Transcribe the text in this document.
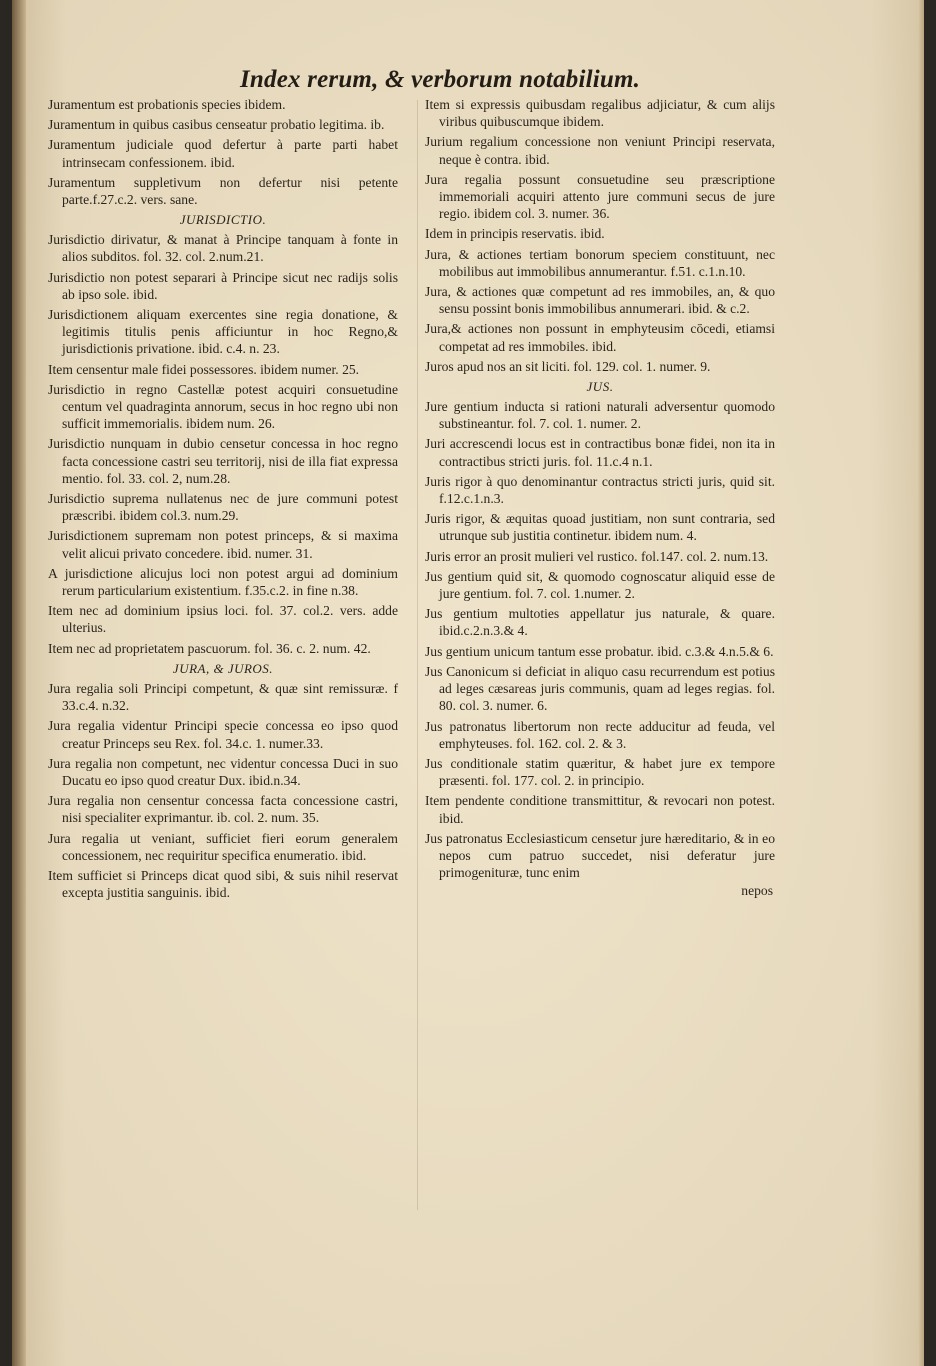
Index rerum, & verborum notabilium.
Juramentum est probationis species ibidem.
Juramentum in quibus casibus censeatur probatio legitima. ib.
Juramentum judiciale quod defertur à parte parti habet intrinsecam confessionem. ibid.
Juramentum suppletivum non defertur nisi petente parte.f.27.c.2. vers. sane.
JURISDICTIO.
Jurisdictio dirivatur, & manat à Principe tanquam à fonte in alios subditos. fol. 32. col. 2.num.21.
Jurisdictio non potest separari à Principe sicut nec radijs solis ab ipso sole. ibid.
Jurisdictionem aliquam exercentes sine regia donatione, & legitimis titulis penis afficiuntur in hoc Regno,& jurisdictionis privatione. ibid. c.4. n. 23.
Item censentur male fidei possessores. ibidem numer. 25.
Jurisdictio in regno Castellæ potest acquiri consuetudine centum vel quadraginta annorum, secus in hoc regno ubi non sufficit immemorialis. ibidem num. 26.
Jurisdictio nunquam in dubio censetur concessa in hoc regno facta concessione castri seu territorij, nisi de illa fiat expressa mentio. fol. 33. col. 2, num.28.
Jurisdictio suprema nullatenus nec de jure communi potest præscribi. ibidem col.3. num.29.
Jurisdictionem supremam non potest princeps, & si maxima velit alicui privato concedere. ibid. numer. 31.
A jurisdictione alicujus loci non potest argui ad dominium rerum particularium existentium. f.35.c.2. in fine n.38.
Item nec ad dominium ipsius loci. fol. 37. col.2. vers. adde ulterius.
Item nec ad proprietatem pascuorum. fol. 36. c. 2. num. 42.
JURA, & JUROS.
Jura regalia soli Principi competunt, & quæ sint remissuræ. f 33.c.4. n.32.
Jura regalia videntur Principi specie concessa eo ipso quod creatur Princeps seu Rex. fol. 34.c. 1. numer.33.
Jura regalia non competunt, nec videntur concessa Duci in suo Ducatu eo ipso quod creatur Dux. ibid.n.34.
Jura regalia non censentur concessa facta concessione castri, nisi specialiter exprimantur. ib. col. 2. num. 35.
Jura regalia ut veniant, sufficiet fieri eorum generalem concessionem, nec requiritur specifica enumeratio. ibid.
Item sufficiet si Princeps dicat quod sibi, & suis nihil reservat excepta justitia sanguinis. ibid.
Item si expressis quibusdam regalibus adjiciatur, & cum alijs viribus quibuscumque ibidem.
Jurium regalium concessione non veniunt Principi reservata, neque è contra. ibid.
Jura regalia possunt consuetudine seu præscriptione immemoriali acquiri attento jure communi secus de jure regio. ibidem col. 3. numer. 36.
Idem in principis reservatis. ibid.
Jura, & actiones tertiam bonorum speciem constituunt, nec mobilibus aut immobilibus annumerantur. f.51. c.1.n.10.
Jura, & actiones quæ competunt ad res immobiles, an, & quo sensu possint bonis immobilibus annumerari. ibid. & c.2.
Jura,& actiones non possunt in emphyteusim cōcedi, etiamsi competat ad res immobiles. ibid.
Juros apud nos an sit liciti. fol. 129. col. 1. numer. 9.
JUS.
Jure gentium inducta si rationi naturali adversentur quomodo substineantur. fol. 7. col. 1. numer. 2.
Juri accrescendi locus est in contractibus bonæ fidei, non ita in contractibus stricti juris. fol. 11.c.4 n.1.
Juris rigor à quo denominantur contractus stricti juris, quid sit. f.12.c.1.n.3.
Juris rigor, & æquitas quoad justitiam, non sunt contraria, sed utrunque sub justitia continetur. ibidem num. 4.
Juris error an prosit mulieri vel rustico. fol.147. col. 2. num.13.
Jus gentium quid sit, & quomodo cognoscatur aliquid esse de jure gentium. fol. 7. col. 1.numer. 2.
Jus gentium multoties appellatur jus naturale, & quare. ibid.c.2.n.3.& 4.
Jus gentium unicum tantum esse probatur. ibid. c.3.& 4.n.5.& 6.
Jus Canonicum si deficiat in aliquo casu recurrendum est potius ad leges cæsareas juris communis, quam ad leges regias. fol. 80. col. 3. numer. 6.
Jus patronatus libertorum non recte adducitur ad feuda, vel emphyteuses. fol. 162. col. 2. & 3.
Jus conditionale statim quæritur, & habet jure ex tempore præsenti. fol. 177. col. 2. in principio.
Item pendente conditione transmittitur, & revocari non potest. ibid.
Jus patronatus Ecclesiasticum censetur jure hæreditario, & in eo nepos cum patruo succedet, nisi deferatur jure primogenituræ, tunc enim
nepos
